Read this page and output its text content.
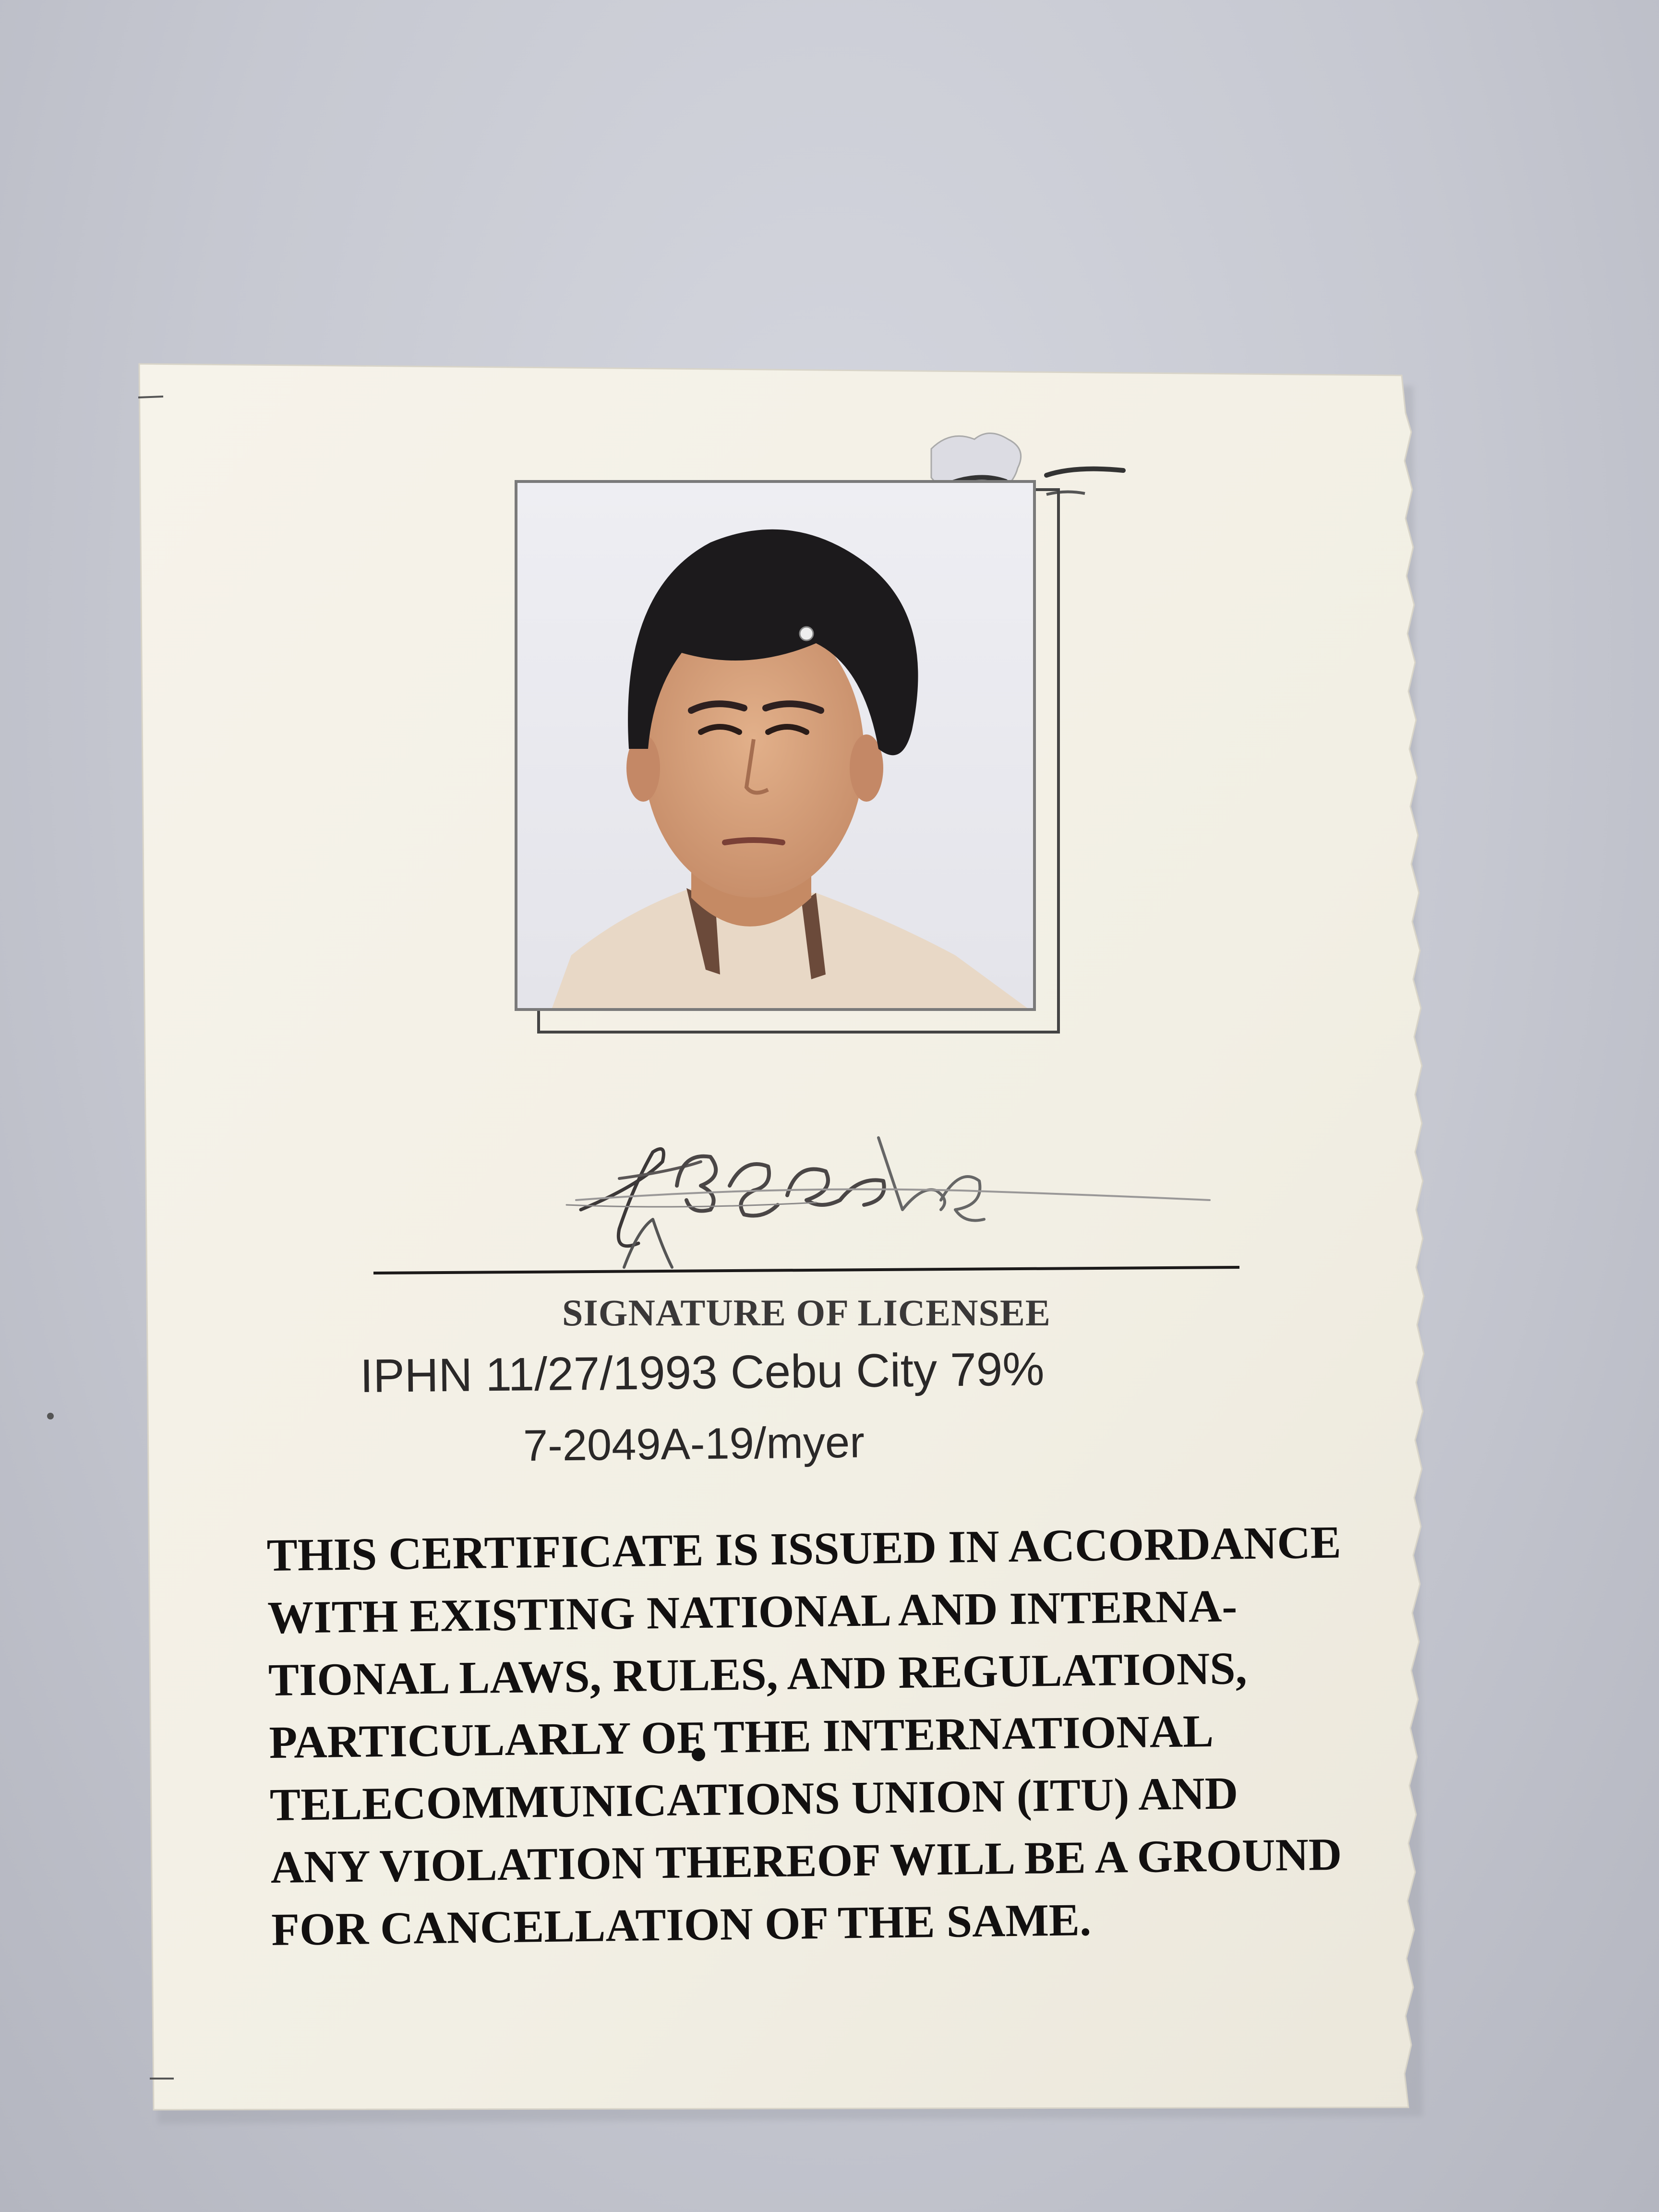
SIGNATURE OF LICENSEE
IPHN 11/27/1993 Cebu City 79%
7-2049A-19/myer
THIS CERTIFICATE IS ISSUED IN ACCORDANCE
WITH EXISTING NATIONAL AND INTERNA-
TIONAL LAWS, RULES, AND REGULATIONS,
PARTICULARLY OF THE INTERNATIONAL
TELECOMMUNICATIONS UNION (ITU) AND
ANY VIOLATION THEREOF WILL BE A GROUND
FOR CANCELLATION OF THE SAME.
